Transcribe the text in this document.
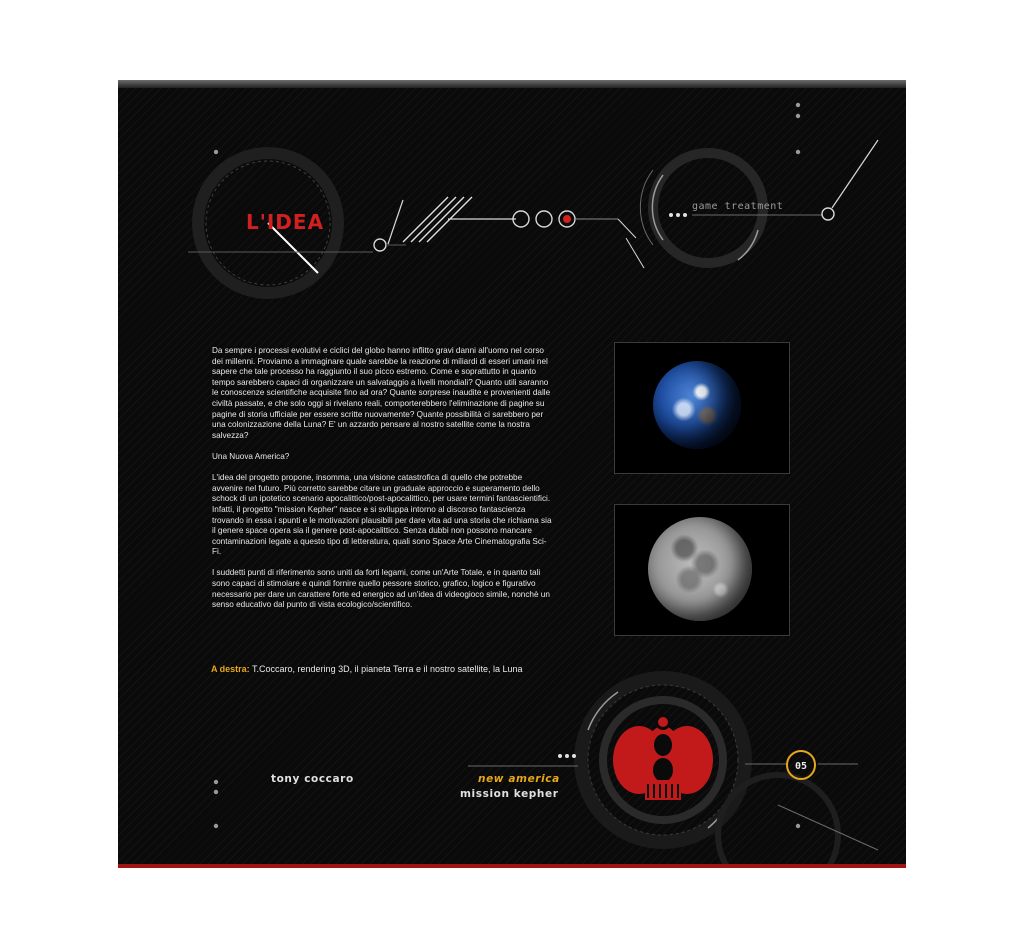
L'IDEA
game treatment

Da sempre i processi evolutivi e ciclici del globo hanno inflitto gravi danni all'uomo nel corso dei millenni. Proviamo a immaginare quale sarebbe la reazione di miliardi di esseri umani nel sapere che tale processo ha raggiunto il suo picco estremo. Come e soprattutto in quanto tempo sarebbero capaci di organizzare un salvataggio a livelli mondiali? Quanto utili saranno le conoscenze scientifiche acquisite fino ad ora? Quante sorprese inaudite e provenienti dalle civiltà passate, e che solo oggi si rivelano reali, comporterebbero l'eliminazione di pagine su pagine di storia ufficiale per essere scritte nuovamente? Quante possibilità ci sarebbero per una colonizzazione della Luna? E' un azzardo pensare al nostro satellite come la nostra salvezza?

Una Nuova America?

L'idea del progetto propone, insomma, una visione catastrofica di quello che potrebbe avvenire nel futuro. Più corretto sarebbe citare un graduale approccio e superamento dello schock di un ipotetico scenario apocalittico/post-apocalittico, per usare termini fantascientifici. Infatti, il progetto "mission Kepher" nasce e si sviluppa intorno al discorso fantascienza trovando in essa i spunti e le motivazioni plausibili per dare vita ad una storia che richiama sia il genere space opera sia il genere post-apocalittico. Senza dubbi non possono mancare contaminazioni legate a questo tipo di letteratura, quali sono Space Arte Cinematografia Sci-Fi.

I suddetti punti di riferimento sono uniti da forti legami, come un'Arte Totale, e in quanto tali sono capaci di stimolare e quindi fornire quello pessore storico, grafico, logico e figurativo necessario per dare un carattere forte ed energico ad un'idea di videogioco simile, nonchè un senso educativo dal punto di vista ecologico/scientifico.

A destra: T.Coccaro, rendering 3D, il pianeta Terra e il nostro satellite, la Luna
tony coccaro	new america
mission kepher
05
